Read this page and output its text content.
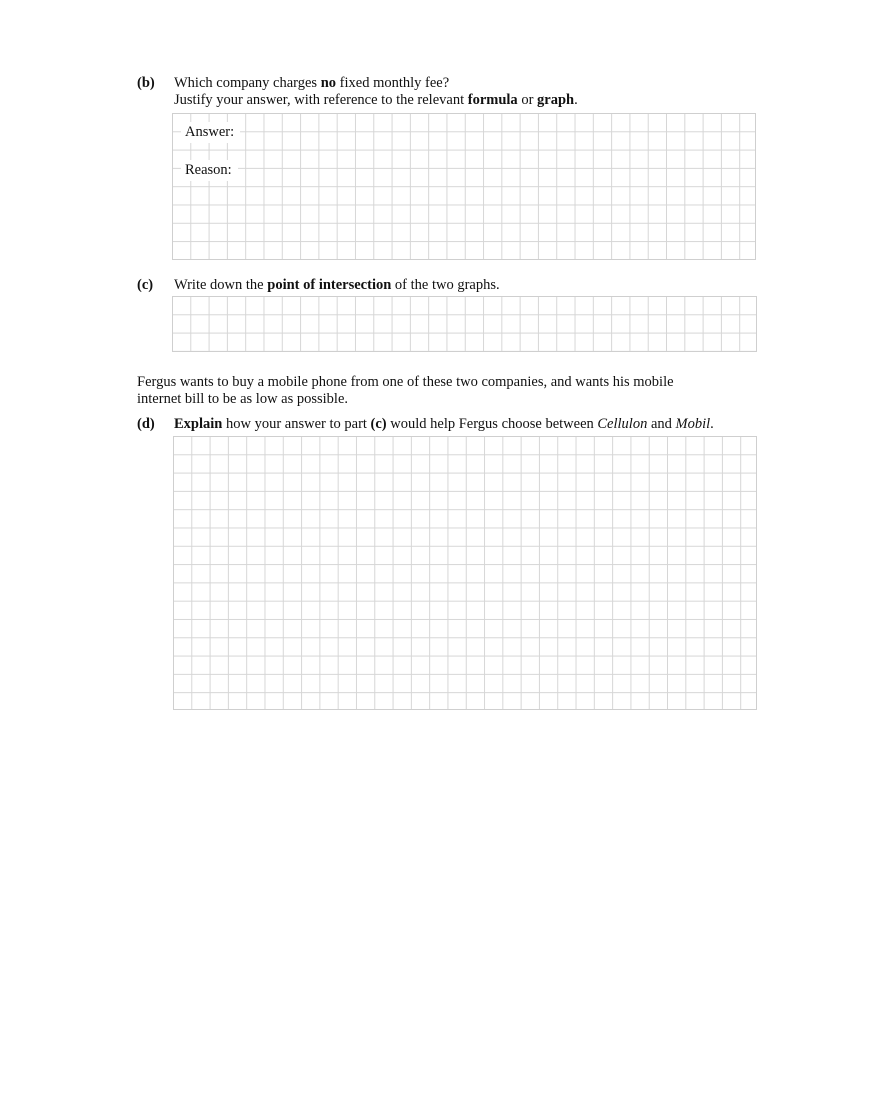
(b) Which company charges no fixed monthly fee?
Justify your answer, with reference to the relevant formula or graph.
Answer:
Reason:
(c) Write down the point of intersection of the two graphs.
Fergus wants to buy a mobile phone from one of these two companies, and wants his mobile
internet bill to be as low as possible.
(d) Explain how your answer to part (c) would help Fergus choose between Cellulon and Mobil.
